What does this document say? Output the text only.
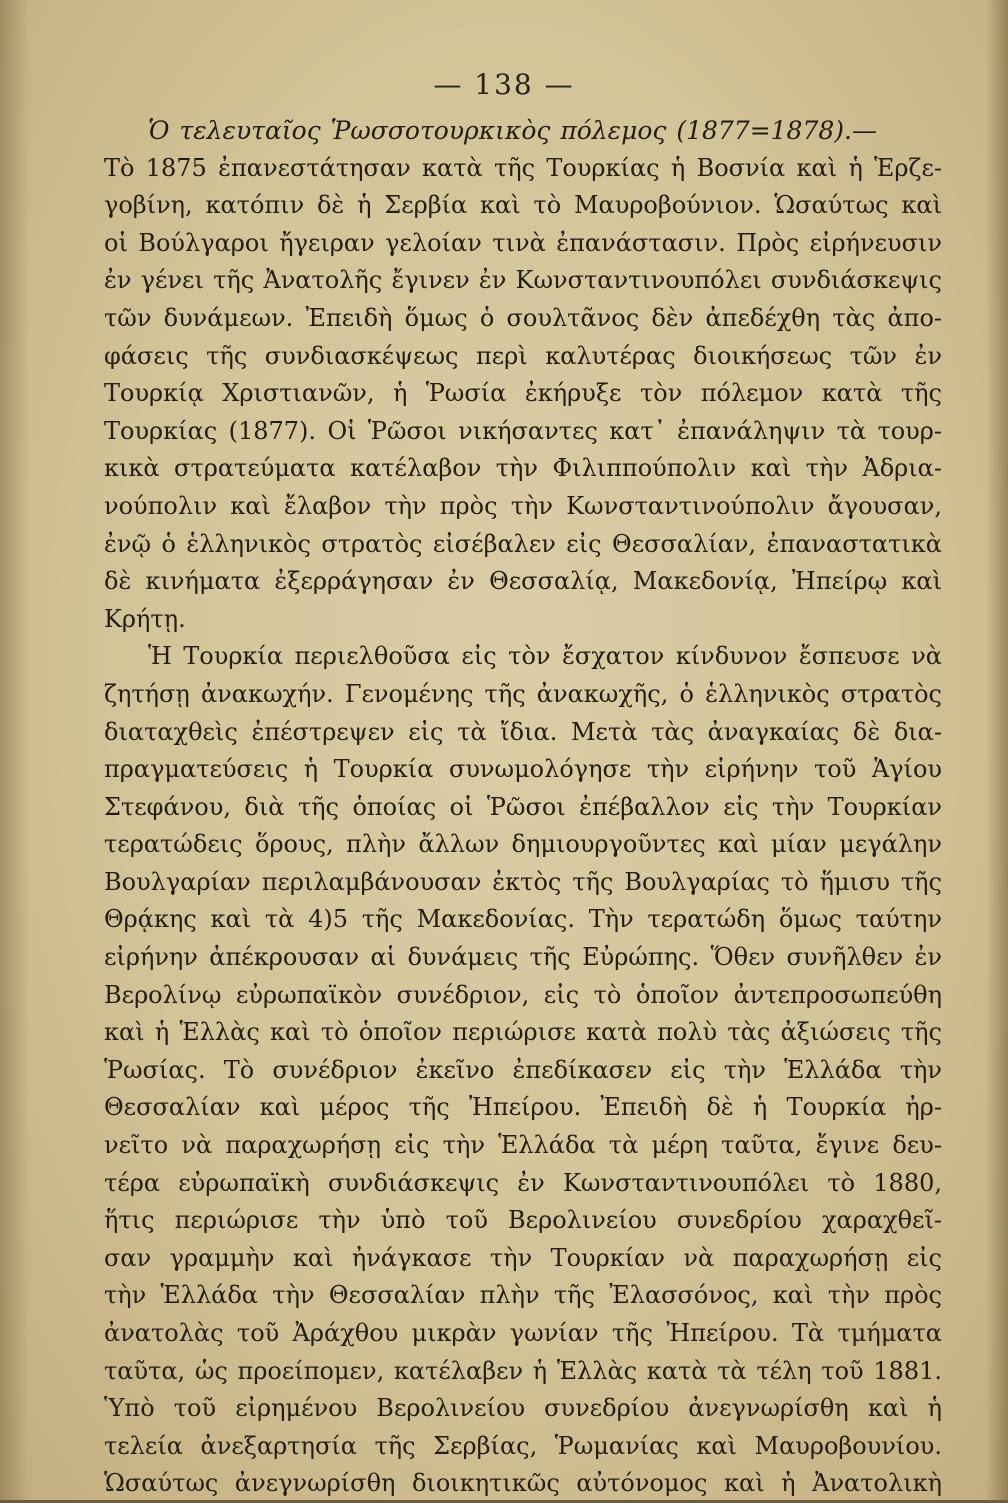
— 138 —
Ὁ τελευταῖος Ῥωσσοτουρκικὸς πόλεμος (1877=1878).—
Τὸ 1875 ἐπανεστάτησαν κατὰ τῆς Τουρκίας ἡ Βοσνία καὶ ἡ Ἑρζε-
γοβίνη, κατόπιν δὲ ἡ Σερβία καὶ τὸ Μαυροβούνιον. Ὡσαύτως καὶ
οἱ Βούλγαροι ἤγειραν γελοίαν τινὰ ἐπανάστασιν. Πρὸς εἰρήνευσιν
ἐν γένει τῆς Ἀνατολῆς ἔγινεν ἐν Κωνσταντινουπόλει συνδιάσκεψις
τῶν δυνάμεων. Ἐπειδὴ ὅμως ὁ σουλτᾶνος δὲν ἀπεδέχθη τὰς ἀπο-
φάσεις τῆς συνδιασκέψεως περὶ καλυτέρας διοικήσεως τῶν ἐν
Τουρκίᾳ Χριστιανῶν, ἡ Ῥωσία ἐκήρυξε τὸν πόλεμον κατὰ τῆς
Τουρκίας (1877). Οἱ Ῥῶσοι νικήσαντες κατ᾽ ἐπανάληψιν τὰ τουρ-
κικὰ στρατεύματα κατέλαβον τὴν Φιλιππούπολιν καὶ τὴν Ἀδρια-
νούπολιν καὶ ἔλαβον τὴν πρὸς τὴν Κωνσταντινούπολιν ἄγουσαν,
ἐνῷ ὁ ἑλληνικὸς στρατὸς εἰσέβαλεν εἰς Θεσσαλίαν, ἐπαναστατικὰ
δὲ κινήματα ἐξερράγησαν ἐν Θεσσαλίᾳ, Μακεδονίᾳ, Ἠπείρῳ καὶ
Κρήτῃ.
Ἡ Τουρκία περιελθοῦσα εἰς τὸν ἔσχατον κίνδυνον ἔσπευσε νὰ
ζητήσῃ ἀνακωχήν. Γενομένης τῆς ἀνακωχῆς, ὁ ἑλληνικὸς στρατὸς
διαταχθεὶς ἐπέστρεψεν εἰς τὰ ἴδια. Μετὰ τὰς ἀναγκαίας δὲ δια-
πραγματεύσεις ἡ Τουρκία συνωμολόγησε τὴν εἰρήνην τοῦ Ἁγίου
Στεφάνου, διὰ τῆς ὁποίας οἱ Ῥῶσοι ἐπέβαλλον εἰς τὴν Τουρκίαν
τερατώδεις ὅρους, πλὴν ἄλλων δημιουργοῦντες καὶ μίαν μεγάλην
Βουλγαρίαν περιλαμβάνουσαν ἐκτὸς τῆς Βουλγαρίας τὸ ἥμισυ τῆς
Θρᾴκης καὶ τὰ 4)5 τῆς Μακεδονίας. Τὴν τερατώδη ὅμως ταύτην
εἰρήνην ἀπέκρουσαν αἱ δυνάμεις τῆς Εὐρώπης. Ὅθεν συνῆλθεν ἐν
Βερολίνῳ εὐρωπαϊκὸν συνέδριον, εἰς τὸ ὁποῖον ἀντεπροσωπεύθη
καὶ ἡ Ἑλλὰς καὶ τὸ ὁποῖον περιώρισε κατὰ πολὺ τὰς ἀξιώσεις τῆς
Ῥωσίας. Τὸ συνέδριον ἐκεῖνο ἐπεδίκασεν εἰς τὴν Ἑλλάδα τὴν
Θεσσαλίαν καὶ μέρος τῆς Ἠπείρου. Ἐπειδὴ δὲ ἡ Τουρκία ἠρ-
νεῖτο νὰ παραχωρήσῃ εἰς τὴν Ἑλλάδα τὰ μέρη ταῦτα, ἔγινε δευ-
τέρα εὐρωπαϊκὴ συνδιάσκεψις ἐν Κωνσταντινουπόλει τὸ 1880,
ἥτις περιώρισε τὴν ὑπὸ τοῦ Βερολινείου συνεδρίου χαραχθεῖ-
σαν γραμμὴν καὶ ἠνάγκασε τὴν Τουρκίαν νὰ παραχωρήσῃ εἰς
τὴν Ἑλλάδα τὴν Θεσσαλίαν πλὴν τῆς Ἐλασσόνος, καὶ τὴν πρὸς
ἀνατολὰς τοῦ Ἀράχθου μικρὰν γωνίαν τῆς Ἠπείρου. Τὰ τμήματα
ταῦτα, ὡς προείπομεν, κατέλαβεν ἡ Ἑλλὰς κατὰ τὰ τέλη τοῦ 1881.
Ὑπὸ τοῦ εἰρημένου Βερολινείου συνεδρίου ἀνεγνωρίσθη καὶ ἡ
τελεία ἀνεξαρτησία τῆς Σερβίας, Ῥωμανίας καὶ Μαυροβουνίου.
Ὡσαύτως ἀνεγνωρίσθη διοικητικῶς αὐτόνομος καὶ ἡ Ἀνατολικὴ
